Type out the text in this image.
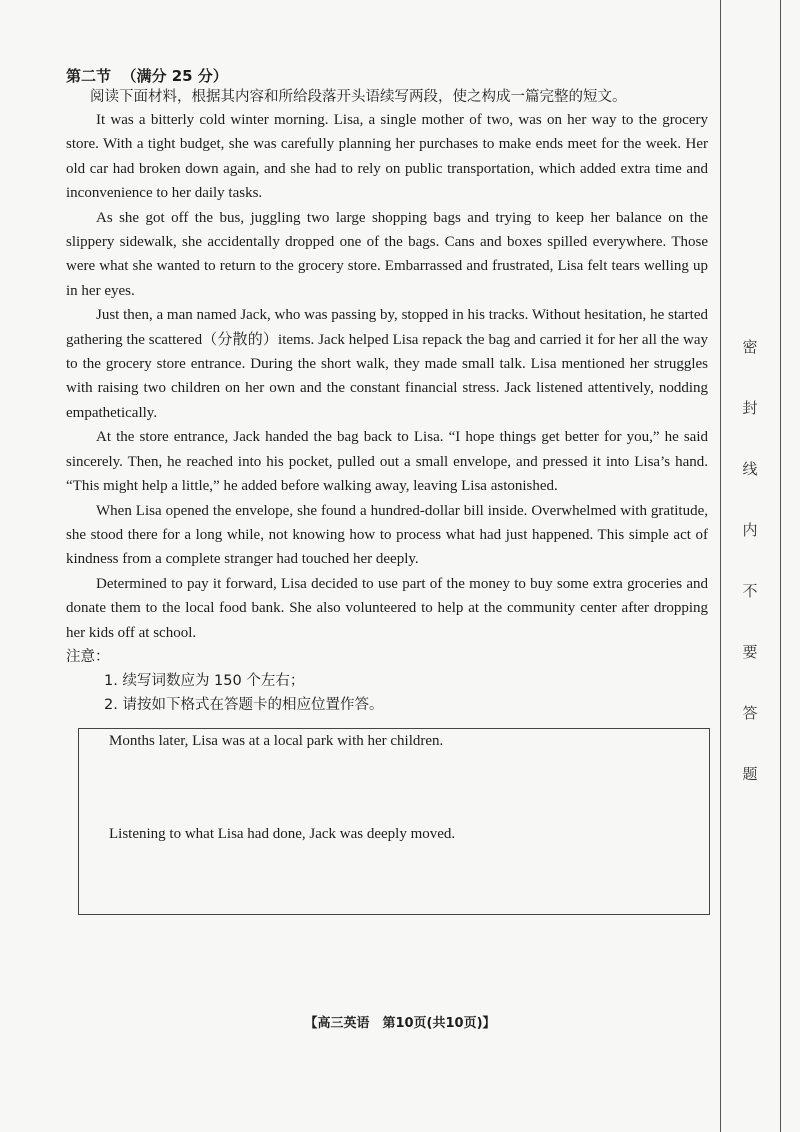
密
封
线
内
不
要
答
题
第二节 （满分 25 分）
阅读下面材料，根据其内容和所给段落开头语续写两段，使之构成一篇完整的短文。

It was a bitterly cold winter morning. Lisa, a single mother of two, was on her way to the grocery store. With a tight budget, she was carefully planning her purchases to make ends meet for the week. Her old car had broken down again, and she had to rely on public transportation, which added extra time and inconvenience to her daily tasks.

As she got off the bus, juggling two large shopping bags and trying to keep her balance on the slippery sidewalk, she accidentally dropped one of the bags. Cans and boxes spilled everywhere. Those were what she wanted to return to the grocery store. Embarrassed and frustrated, Lisa felt tears welling up in her eyes.

Just then, a man named Jack, who was passing by, stopped in his tracks. Without hesitation, he started gathering the scattered（分散的）items. Jack helped Lisa repack the bag and carried it for her all the way to the grocery store entrance. During the short walk, they made small talk. Lisa mentioned her struggles with raising two children on her own and the constant financial stress. Jack listened attentively, nodding empathetically.

At the store entrance, Jack handed the bag back to Lisa. “I hope things get better for you,” he said sincerely. Then, he reached into his pocket, pulled out a small envelope, and pressed it into Lisa’s hand. “This might help a little,” he added before walking away, leaving Lisa astonished.

When Lisa opened the envelope, she found a hundred-dollar bill inside. Overwhelmed with gratitude, she stood there for a long while, not knowing how to process what had just happened. This simple act of kindness from a complete stranger had touched her deeply.

Determined to pay it forward, Lisa decided to use part of the money to buy some extra groceries and donate them to the local food bank. She also volunteered to help at the community center after dropping her kids off at school.

注意：
1. 续写词数应为 150 个左右；
2. 请按如下格式在答题卡的相应位置作答。
Months later, Lisa was at a local park with her children.
Listening to what Lisa had done, Jack was deeply moved.
【高三英语　第10页(共10页)】
